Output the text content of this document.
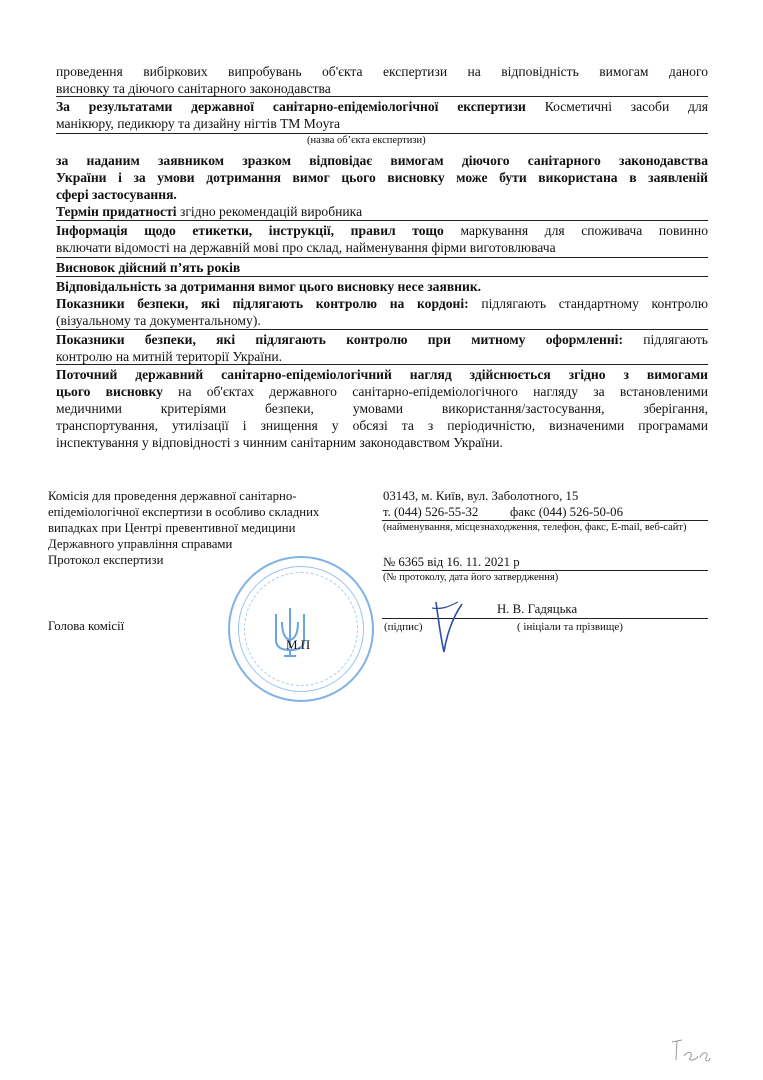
проведення вибіркових випробувань об'єкта експертизи на відповідність вимогам даного
висновку та діючого санітарного законодавства
За результатами державної санітарно-епідеміологічної експертизи Косметичні засоби для
манікюру, педикюру та дизайну нігтів ТМ Moyra
(назва об’єкта експертизи)
за наданим заявником зразком відповідає вимогам діючого санітарного законодавства
України і за умови дотримання вимог цього висновку може бути використана в заявленій
сфері застосування.
Термін придатності згідно рекомендацій виробника
Інформація щодо етикетки, інструкції, правил тощо маркування для споживача повинно
включати відомості на державній мові про склад, найменування фірми виготовлювача
Висновок дійсний п’ять років
Відповідальність за дотримання вимог цього висновку несе заявник.
Показники безпеки, які підлягають контролю на кордоні: підлягають стандартному контролю
(візуальному та документальному).
Показники безпеки, які підлягають контролю при митному оформленні: підлягають
контролю на митній території України.
Поточний державний санітарно-епідеміологічний нагляд здійснюється згідно з вимогами
цього висновку на об'єктах державного санітарно-епідеміологічного нагляду за встановленими
медичними критеріями безпеки, умовами використання/застосування, зберігання,
транспортування, утилізації і знищення у обсязі та з періодичністю, визначеними програмами
інспектування у відповідності з чинним санітарним законодавством України.
Комісія для проведення державної санітарно-
епідеміологічної експертизи в особливо складних
випадках при Центрі превентивної медицини
Державного управління справами
Протокол експертизи
Голова комісії
03143, м. Київ, вул. Заболотного, 15
т. (044) 526-55-32 факс (044) 526-50-06
(найменування, місцезнаходження, телефон, факс, E-mail, веб-сайт)
№ 6365 від 16. 11. 2021 р
(№ протоколу, дата його затвердження)
Н. В. Гадяцька
(підпис)	( ініціали та прізвище)
М.П
